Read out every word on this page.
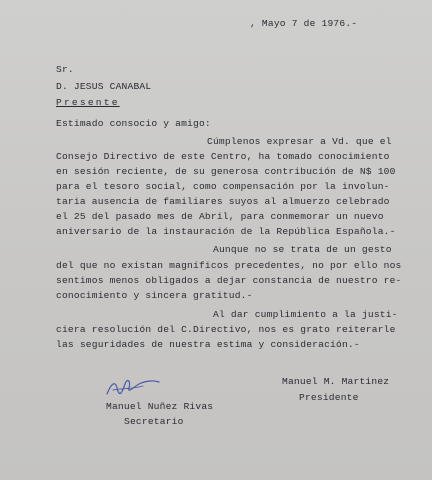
, Mayo 7 de 1976.-
Sr.
D. JESUS CANABAL
Presente
Estimado consocio y amigo:
Cúmplenos expresar a Vd. que el
Consejo Directivo de este Centro, ha tomado conocimiento
en sesión reciente, de su generosa contribución de N$ 100
para el tesoro social, como compensación por la involun-
taria ausencia de familiares suyos al almuerzo celebrado
el 25 del pasado mes de Abril, para conmemorar un nuevo
aniversario de la instauración de la República Española.-
Aunque no se trata de un gesto
del que no existan magníficos precedentes, no por ello nos
sentimos menos obligados a dejar constancia de nuestro re-
conocimiento y sincera gratitud.-
Al dar cumplimiento a la justi-
ciera resolución del C.Directivo, nos es grato reiterarle
las seguridades de nuestra estima y consideración.-
Manuel M. Martinez
Presidente
Manuel Nuñez Rivas
Secretario
